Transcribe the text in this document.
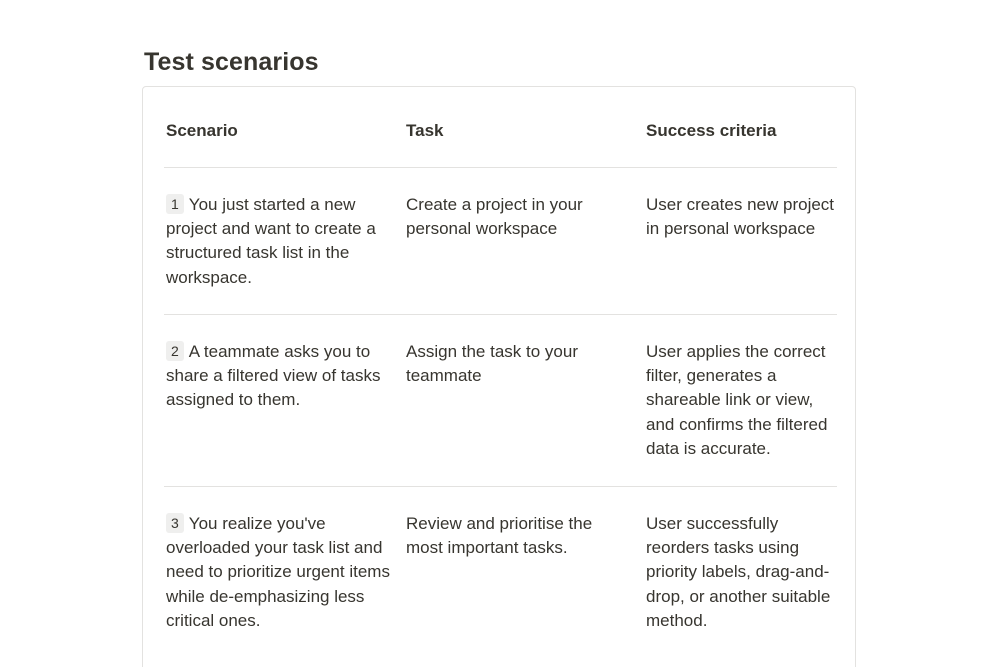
Test scenarios
Scenario	Task	Success criteria
1 You just started a new project and want to create a structured task list in the workspace.
Create a project in your personal workspace
User creates new project in personal workspace
2 A teammate asks you to share a filtered view of tasks assigned to them.
Assign the task to your teammate
User applies the correct filter, generates a shareable link or view, and confirms the filtered data is accurate.
3 You realize you've overloaded your task list and need to prioritize urgent items while de-emphasizing less critical ones.
Review and prioritise the most important tasks.
User successfully reorders tasks using priority labels, drag-and-drop, or another suitable method.
